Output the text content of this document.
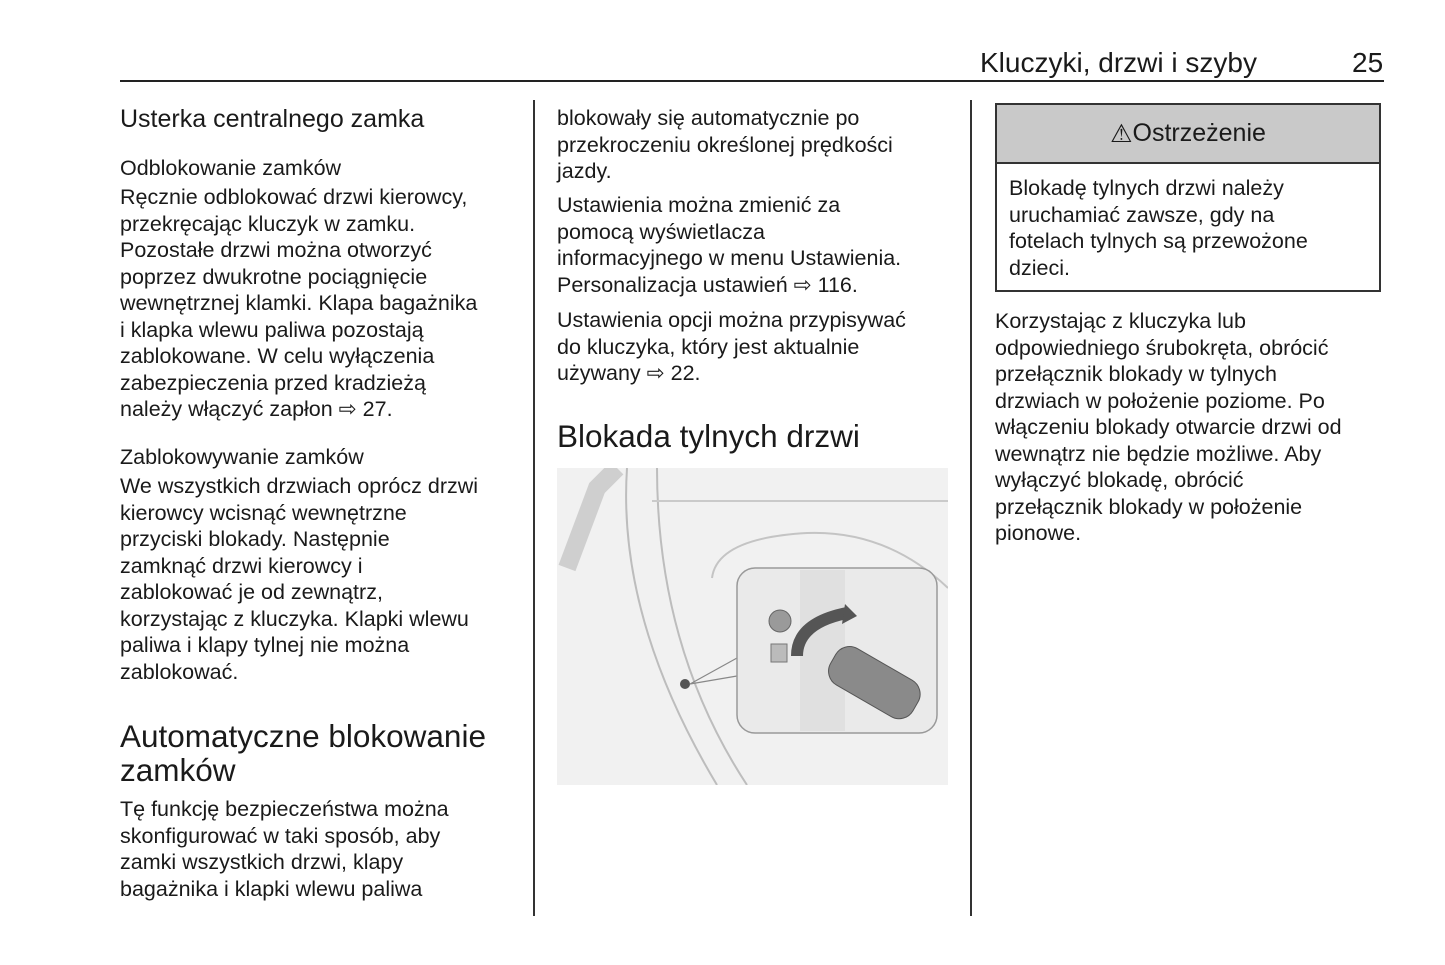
Kluczyki, drzwi i szyby	25
Usterka centralnego zamka
Odblokowanie zamków
Ręcznie odblokować drzwi kierowcy,
przekręcając kluczyk w zamku.
Pozostałe drzwi można otworzyć
poprzez dwukrotne pociągnięcie
wewnętrznej klamki. Klapa bagażnika
i klapka wlewu paliwa pozostają
zablokowane. W celu wyłączenia
zabezpieczenia przed kradzieżą
należy włączyć zapłon ⇨ 27.
Zablokowywanie zamków
We wszystkich drzwiach oprócz drzwi
kierowcy wcisnąć wewnętrzne
przyciski blokady. Następnie
zamknąć drzwi kierowcy i
zablokować je od zewnątrz,
korzystając z kluczyka. Klapki wlewu
paliwa i klapy tylnej nie można
zablokować.
Automatyczne blokowanie
zamków
Tę funkcję bezpieczeństwa można
skonfigurować w taki sposób, aby
zamki wszystkich drzwi, klapy
bagażnika i klapki wlewu paliwa
blokowały się automatycznie po
przekroczeniu określonej prędkości
jazdy.
Ustawienia można zmienić za
pomocą wyświetlacza
informacyjnego w menu Ustawienia.
Personalizacja ustawień ⇨ 116.
Ustawienia opcji można przypisywać
do kluczyka, który jest aktualnie
używany ⇨ 22.
Blokada tylnych drzwi
⚠ Ostrzeżenie
Blokadę tylnych drzwi należy
uruchamiać zawsze, gdy na
fotelach tylnych są przewożone
dzieci.
Korzystając z kluczyka lub
odpowiedniego śrubokręta, obrócić
przełącznik blokady w tylnych
drzwiach w położenie poziome. Po
włączeniu blokady otwarcie drzwi od
wewnątrz nie będzie możliwe. Aby
wyłączyć blokadę, obrócić
przełącznik blokady w położenie
pionowe.
